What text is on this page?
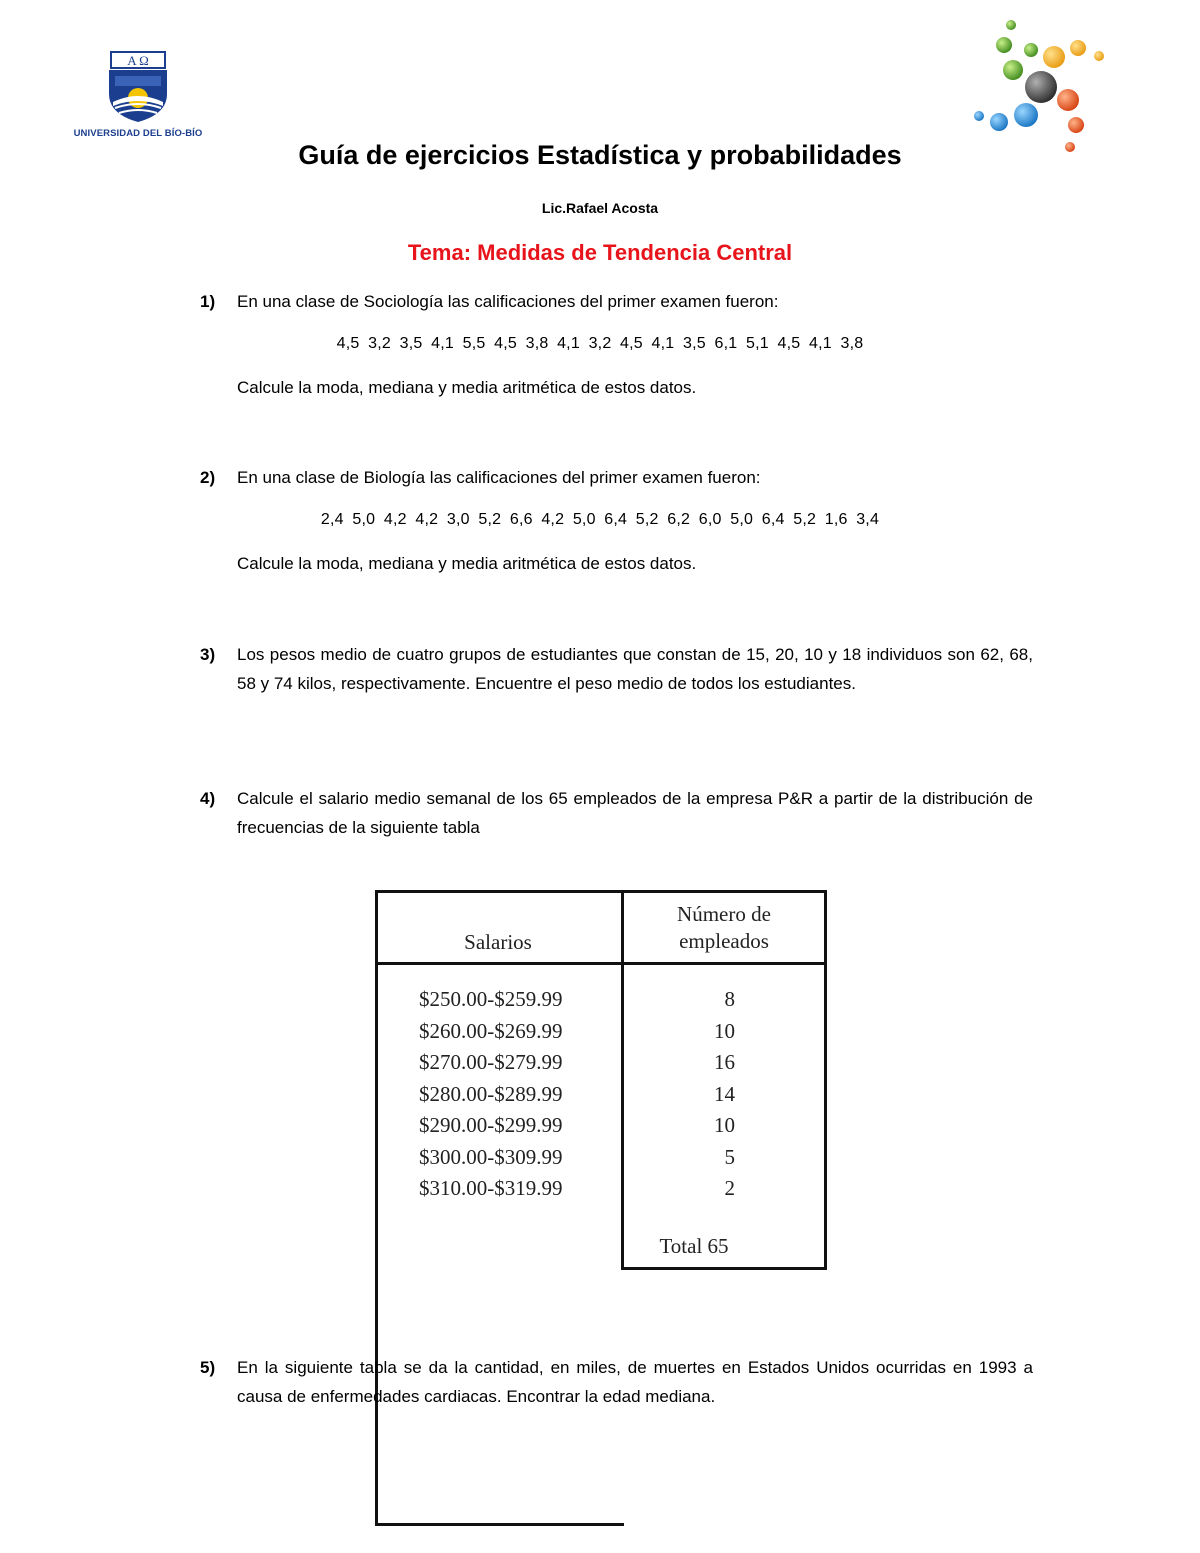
A Ω
UNIVERSIDAD DEL BÍO-BÍO
Guía de ejercicios Estadística y probabilidades
Lic.Rafael Acosta
Tema: Medidas de Tendencia Central
1) En una clase de Sociología las calificaciones del primer examen fueron:
4,5 3,2 3,5 4,1 5,5 4,5 3,8 4,1 3,2 4,5 4,1 3,5 6,1 5,1 4,5 4,1 3,8
Calcule la moda, mediana y media aritmética de estos datos.
2) En una clase de Biología las calificaciones del primer examen fueron:
2,4 5,0 4,2 4,2 3,0 5,2 6,6 4,2 5,0 6,4 5,2 6,2 6,0 5,0 6,4 5,2 1,6 3,4
Calcule la moda, mediana y media aritmética de estos datos.
3) Los pesos medio de cuatro grupos de estudiantes que constan de 15, 20, 10 y 18 individuos son 62, 68, 58 y 74 kilos, respectivamente. Encuentre el peso medio de todos los estudiantes.
4) Calcule el salario medio semanal de los 65 empleados de la empresa P&R a partir de la distribución de frecuencias de la siguiente tabla
Salarios
Número de
empleados
$250.00-$259.99	8
$260.00-$269.99	10
$270.00-$279.99	16
$280.00-$289.99	14
$290.00-$299.99	10
$300.00-$309.99	5
$310.00-$319.99	2
Total 65
5) En la siguiente tabla se da la cantidad, en miles, de muertes en Estados Unidos ocurridas en 1993 a causa de enfermedades cardiacas. Encontrar la edad mediana.
